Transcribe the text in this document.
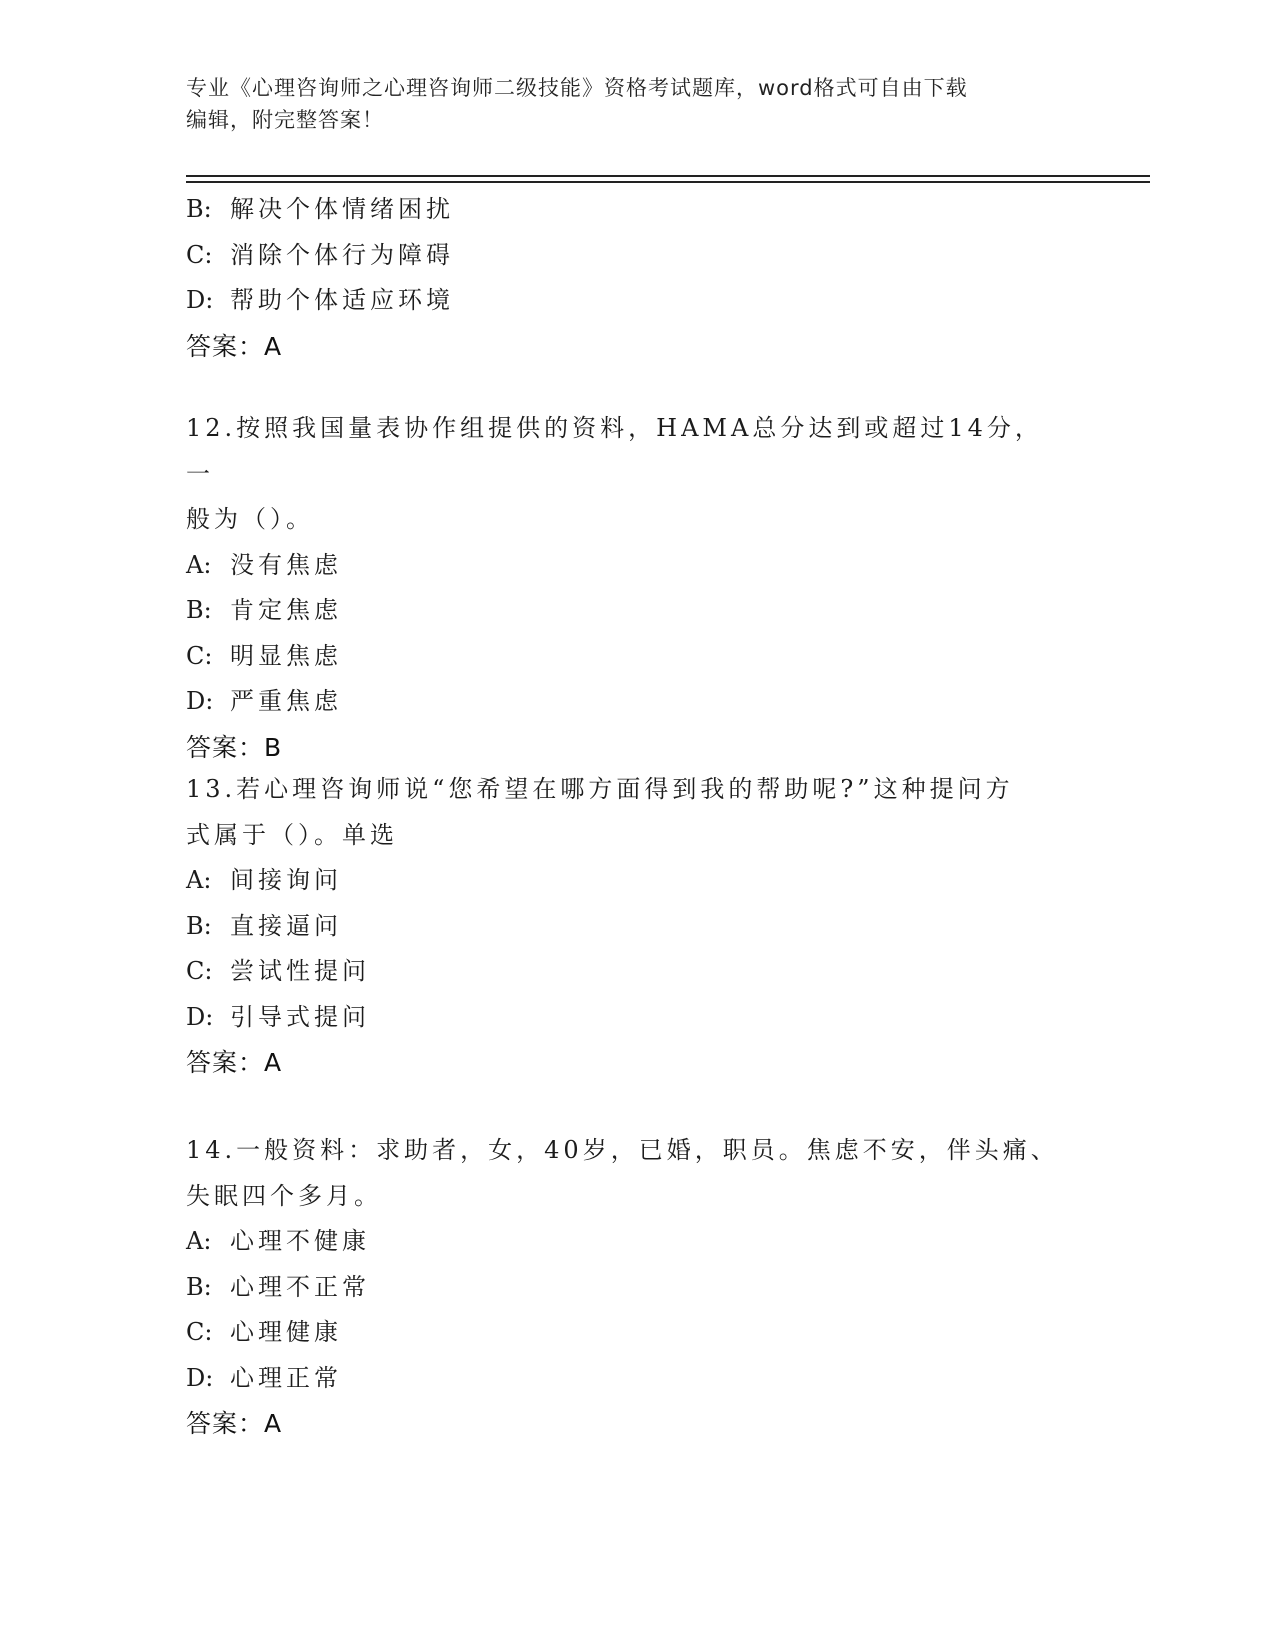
专业《心理咨询师之心理咨询师二级技能》资格考试题库，word格式可自由下载
编辑，附完整答案！
B: 解决个体情绪困扰
C: 消除个体行为障碍
D: 帮助个体适应环境
答案：A
12.按照我国量表协作组提供的资料，HAMA总分达到或超过14分，一
般为（）。
A: 没有焦虑
B: 肯定焦虑
C: 明显焦虑
D: 严重焦虑
答案：B
13.若心理咨询师说“您希望在哪方面得到我的帮助呢?”这种提问方
式属于（）。单选
A: 间接询问
B: 直接逼问
C: 尝试性提问
D: 引导式提问
答案：A
14.一般资料：求助者，女，40岁，已婚，职员。焦虑不安，伴头痛、
失眠四个多月。
A: 心理不健康
B: 心理不正常
C: 心理健康
D: 心理正常
答案：A
